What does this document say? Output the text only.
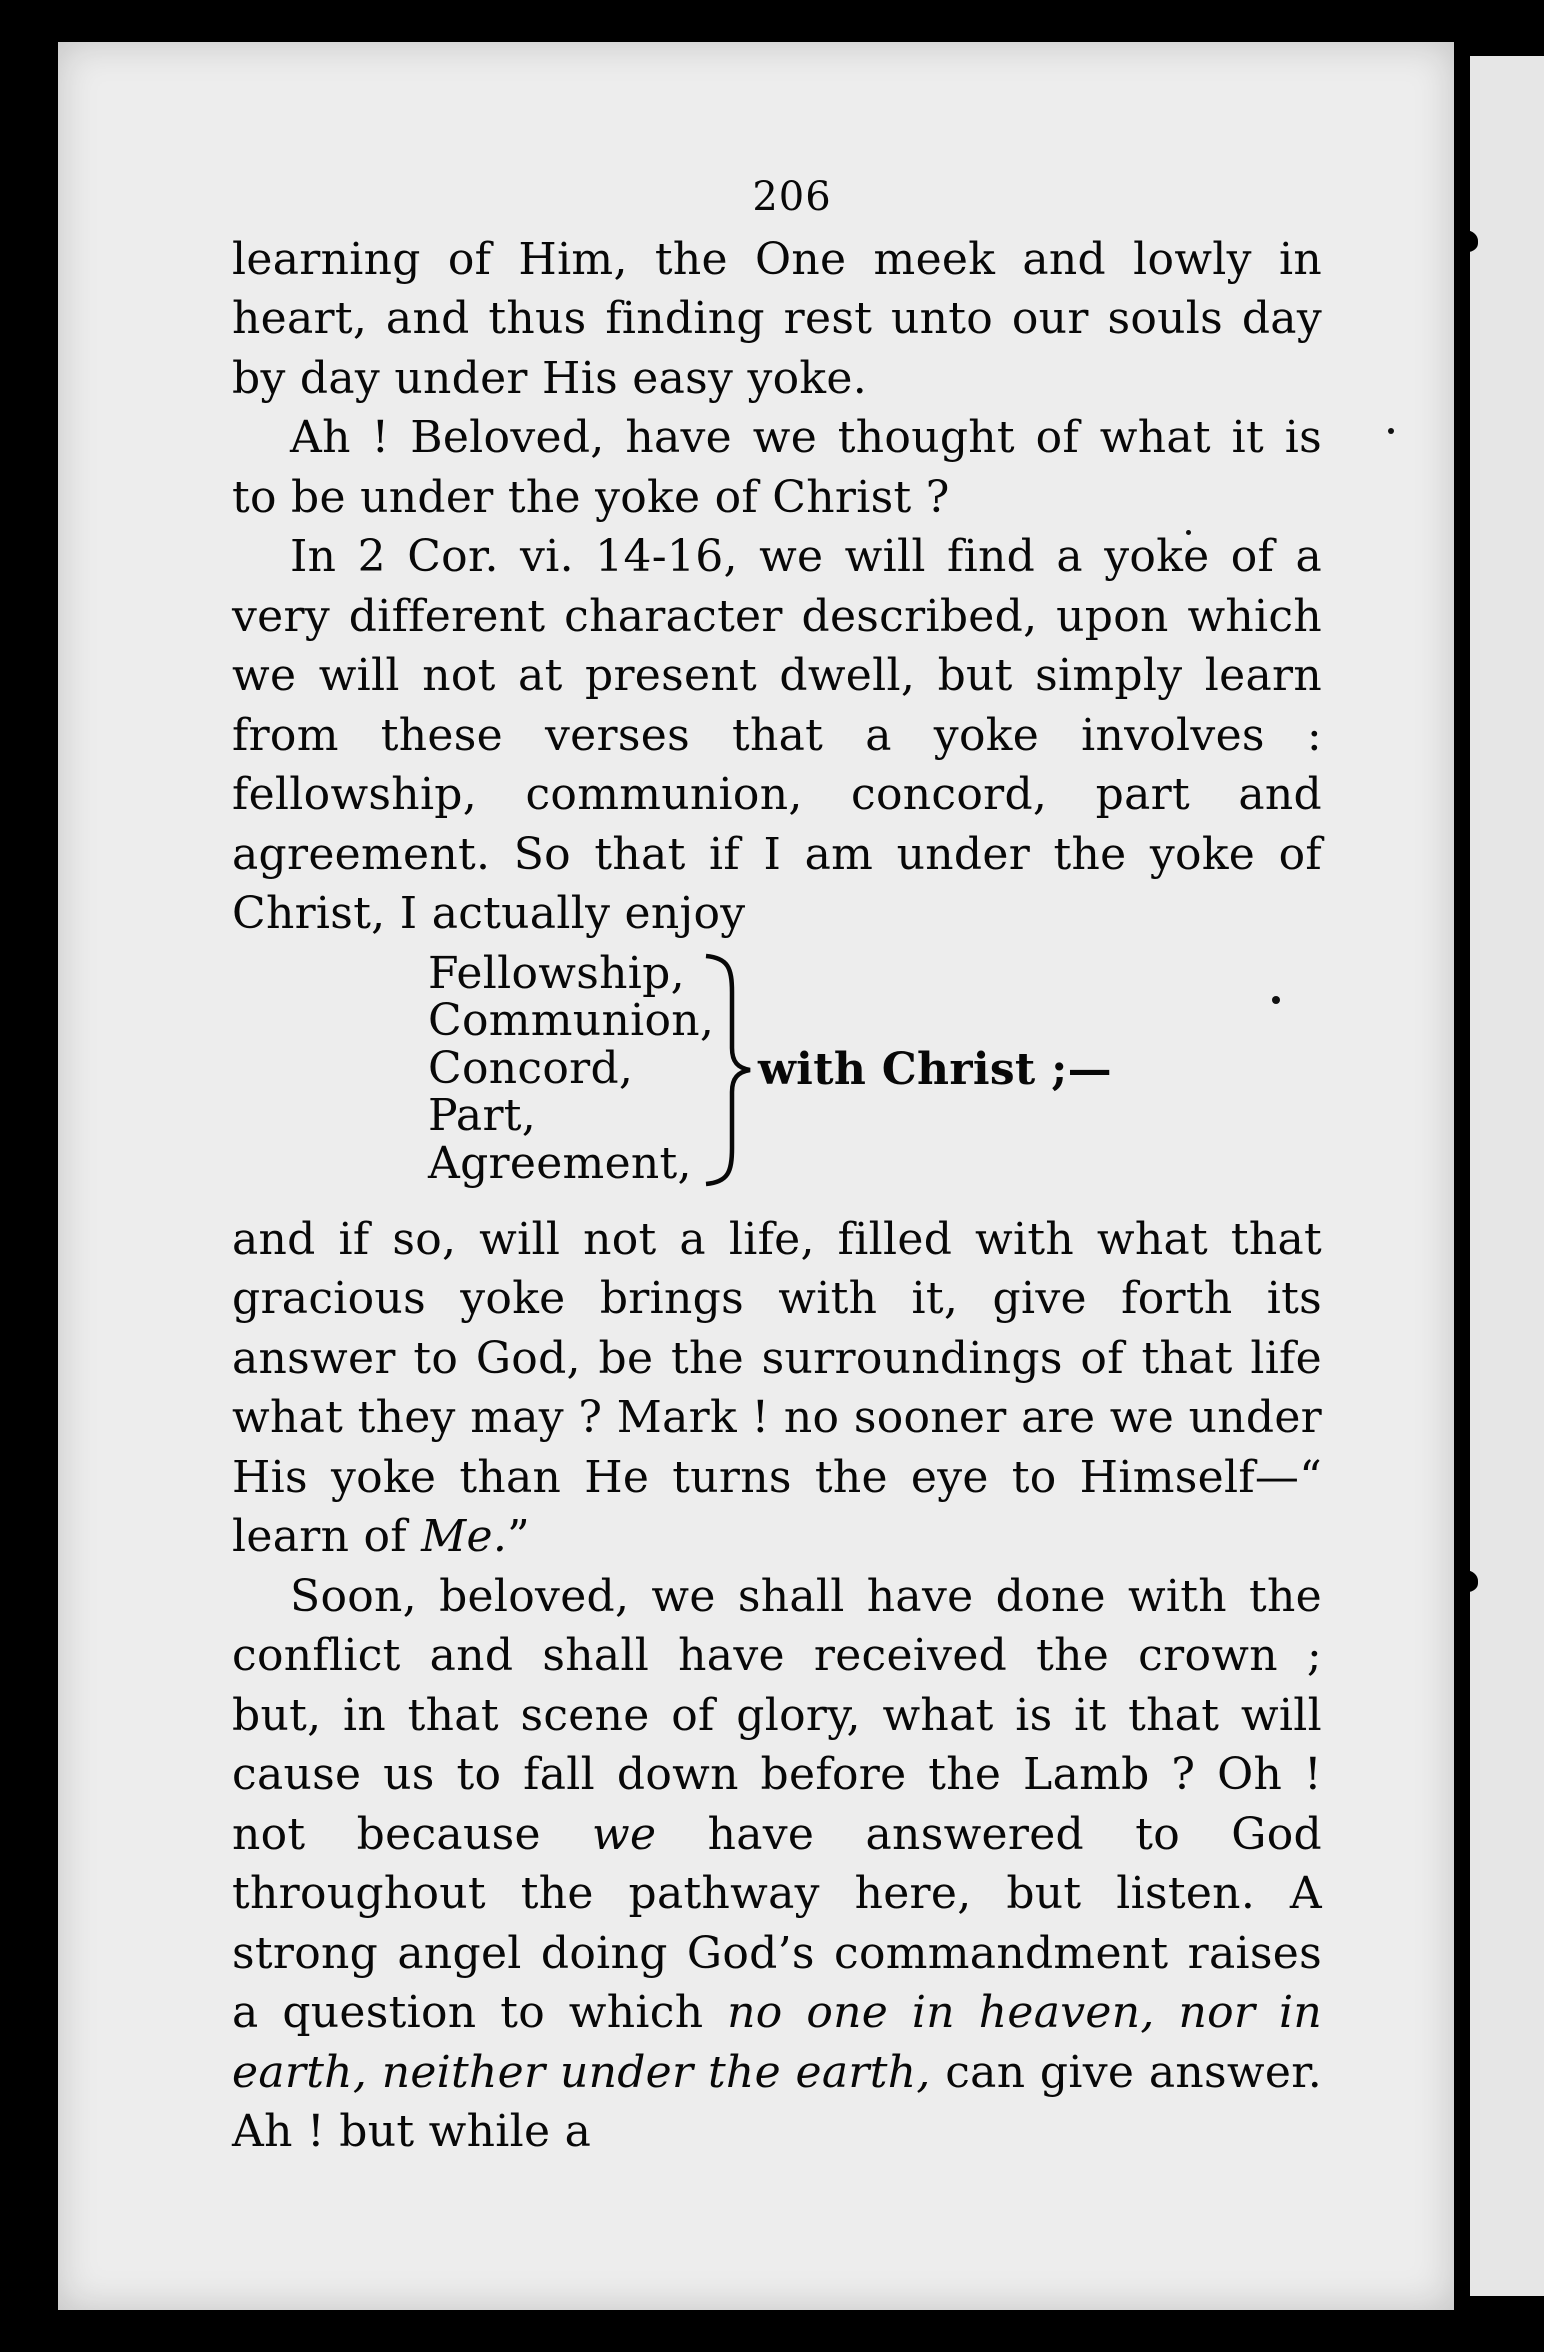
206

learning of Him, the One meek and lowly in heart, and thus finding rest unto our souls day by day under His easy yoke.

Ah ! Beloved, have we thought of what it is to be under the yoke of Christ ?

In 2 Cor. vi. 14-16, we will find a yoke of a very different character described, upon which we will not at present dwell, but simply learn from these verses that a yoke involves : fellowship, communion, concord, part and agreement. So that if I am under the yoke of Christ, I actually enjoy

Fellowship,
Communion,
Concord,
Part,
Agreement,
with Christ ;—

and if so, will not a life, filled with what that gracious yoke brings with it, give forth its answer to God, be the surroundings of that life what they may ? Mark ! no sooner are we under His yoke than He turns the eye to Himself—“ learn of Me.”

Soon, beloved, we shall have done with the conflict and shall have received the crown ; but, in that scene of glory, what is it that will cause us to fall down before the Lamb ? Oh ! not because we have answered to God throughout the pathway here, but listen. A strong angel doing God’s commandment raises a question to which no one in heaven, nor in earth, neither under the earth, can give answer. Ah ! but while a
